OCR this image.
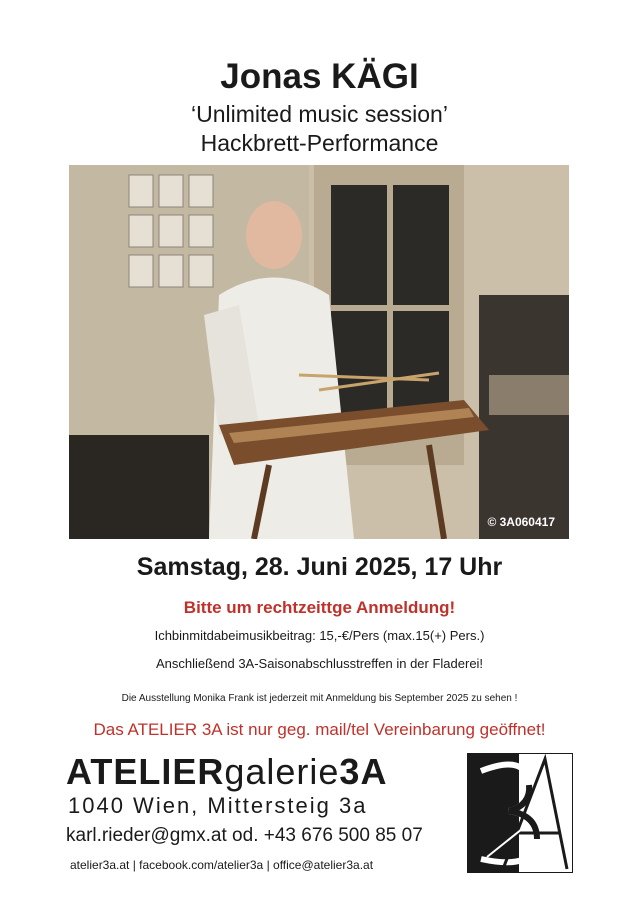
Jonas KÄGI
‘Unlimited music session’
Hackbrett-Performance
© 3A060417
Samstag, 28. Juni 2025, 17 Uhr
Bitte um rechtzeittge Anmeldung!
Ichbinmitdabeimusikbeitrag: 15,-€/Pers (max.15(+) Pers.)
Anschließend 3A-Saisonabschlusstreffen in der Fladerei!
Die Ausstellung Monika Frank ist jederzeit mit Anmeldung bis September 2025 zu sehen !
Das ATELIER 3A ist nur geg. mail/tel Vereinbarung geöffnet!
ATELIERgalerie3A
1040 Wien, Mittersteig 3a
karl.rieder@gmx.at od. +43 676 500 85 07
atelier3a.at | facebook.com/atelier3a | office@atelier3a.at
